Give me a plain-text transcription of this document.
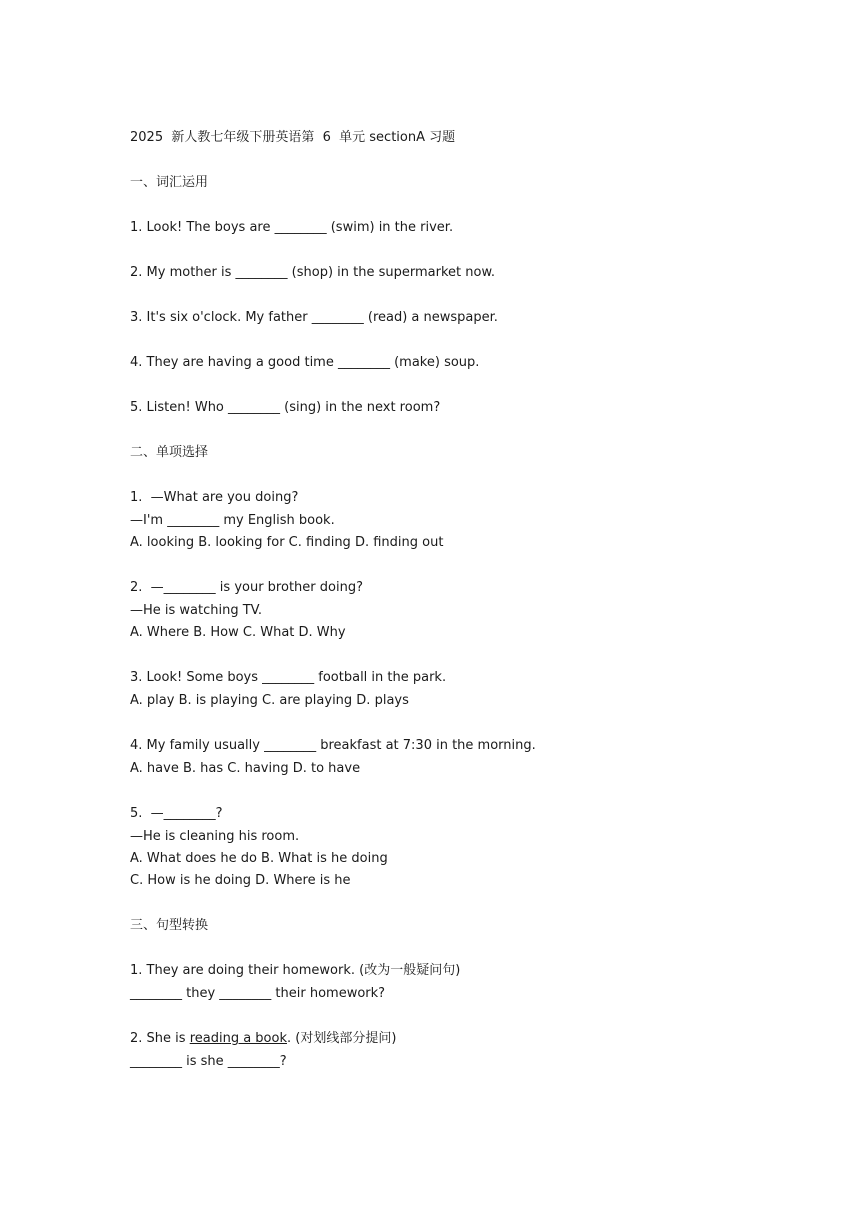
2025  新人教七年级下册英语第  6  单元 sectionA 习题
一、词汇运用
1. Look! The boys are ________ (swim) in the river.
2. My mother is ________ (shop) in the supermarket now.
3. It's six o'clock. My father ________ (read) a newspaper.
4. They are having a good time ________ (make) soup.
5. Listen! Who ________ (sing) in the next room?
二、单项选择
1.  —What are you doing?
—I'm ________ my English book.
A. looking B. looking for C. finding D. finding out
2.  —________ is your brother doing?
—He is watching TV.
A. Where B. How C. What D. Why
3. Look! Some boys ________ football in the park.
A. play B. is playing C. are playing D. plays
4. My family usually ________ breakfast at 7:30 in the morning.
A. have B. has C. having D. to have
5.  —________?
—He is cleaning his room.
A. What does he do B. What is he doing
C. How is he doing D. Where is he
三、句型转换
1. They are doing their homework. (改为一般疑问句)
________ they ________ their homework?
2. She is reading a book. (对划线部分提问)
________ is she ________?
